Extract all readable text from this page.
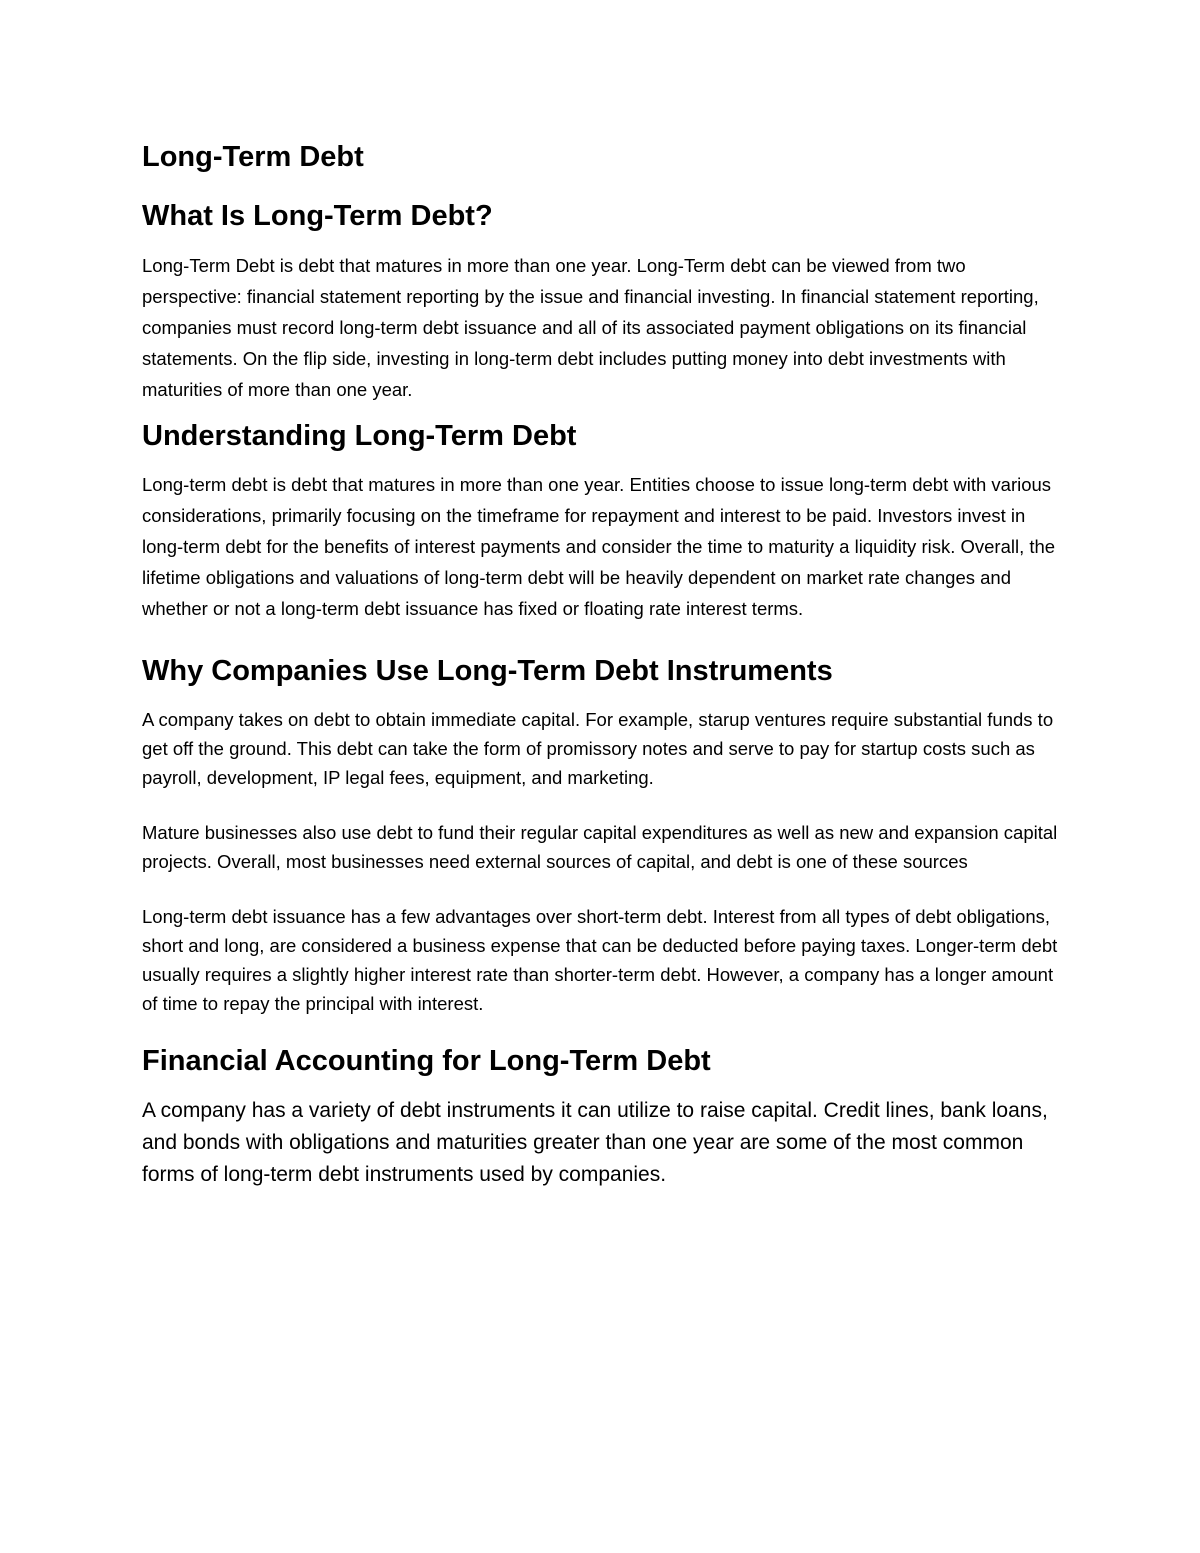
Long-Term Debt
What Is Long-Term Debt?
Long-Term Debt is debt that matures in more than one year. Long-Term debt can be viewed from two perspective: financial statement reporting by the issue and financial investing. In financial statement reporting, companies must record long-term debt issuance and all of its associated payment obligations on its financial statements. On the flip side, investing in long-term debt includes putting money into debt investments with maturities of more than one year.
Understanding Long-Term Debt
Long-term debt is debt that matures in more than one year. Entities choose to issue long-term debt with various considerations, primarily focusing on the timeframe for repayment and interest to be paid. Investors invest in long-term debt for the benefits of interest payments and consider the time to maturity a liquidity risk. Overall, the lifetime obligations and valuations of long-term debt will be heavily dependent on market rate changes and whether or not a long-term debt issuance has fixed or floating rate interest terms.
Why Companies Use Long-Term Debt Instruments
A company takes on debt to obtain immediate capital. For example, starup ventures require substantial funds to get off the ground. This debt can take the form of promissory notes and serve to pay for startup costs such as payroll, development, IP legal fees, equipment, and marketing.
Mature businesses also use debt to fund their regular capital expenditures as well as new and expansion capital projects. Overall, most businesses need external sources of capital, and debt is one of these sources
Long-term debt issuance has a few advantages over short-term debt. Interest from all types of debt obligations, short and long, are considered a business expense that can be deducted before paying taxes. Longer-term debt usually requires a slightly higher interest rate than shorter-term debt. However, a company has a longer amount of time to repay the principal with interest.
Financial Accounting for Long-Term Debt
A company has a variety of debt instruments it can utilize to raise capital. Credit lines, bank loans, and bonds with obligations and maturities greater than one year are some of the most common forms of long-term debt instruments used by companies.
